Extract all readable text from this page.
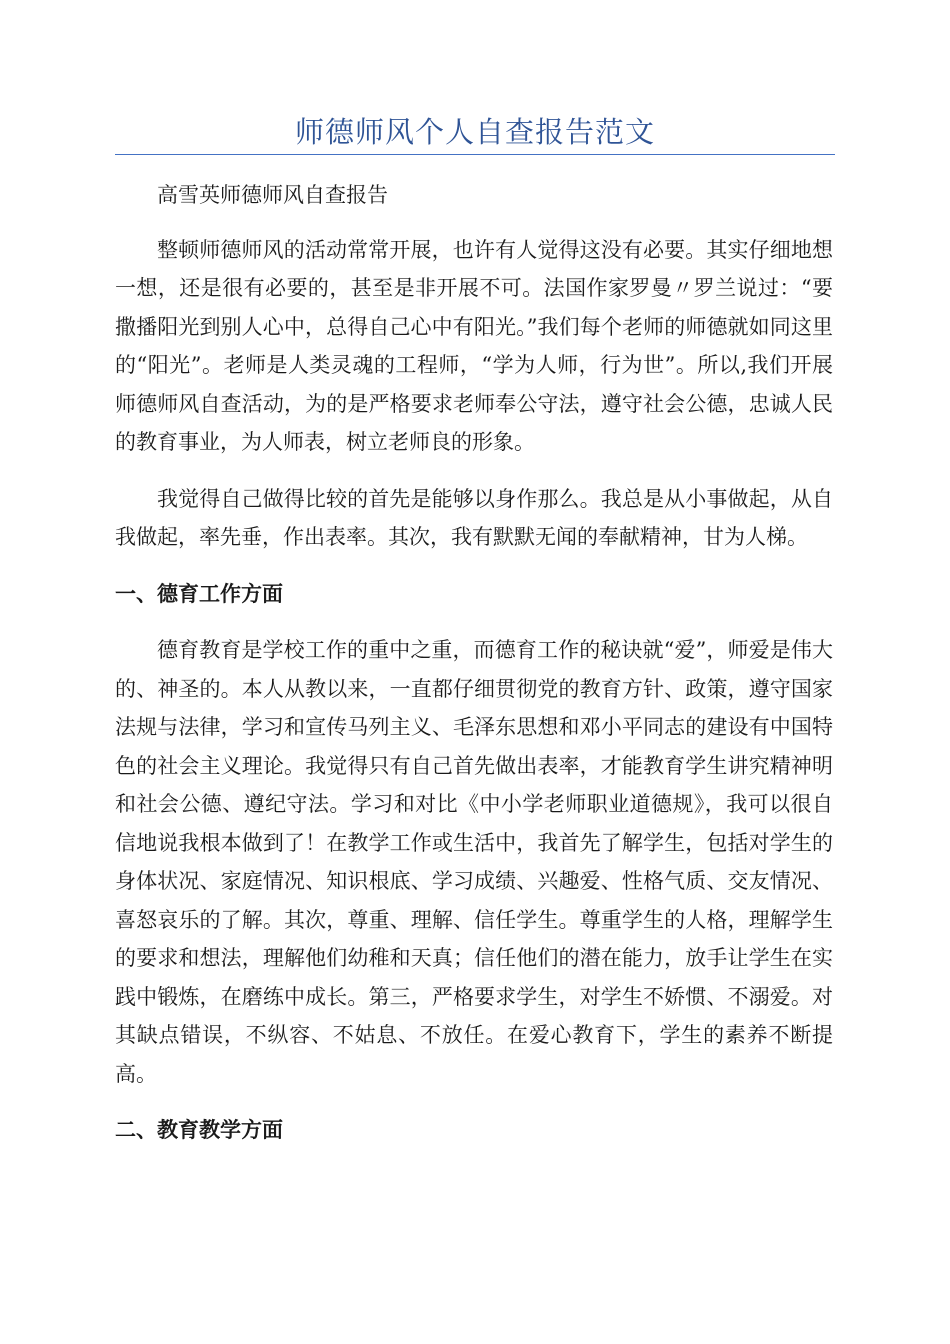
师德师风个人自查报告范文

高雪英师德师风自查报告

整顿师德师风的活动常常开展，也许有人觉得这没有必要。其实仔细地想一想，还是很有必要的，甚至是非开展不可。法国作家罗曼〃罗兰说过：“要撒播阳光到别人心中，总得自己心中有阳光。”我们每个老师的师德就如同这里的“阳光”。老师是人类灵魂的工程师，“学为人师，行为世”。所以,我们开展师德师风自查活动，为的是严格要求老师奉公守法，遵守社会公德，忠诚人民的教育事业，为人师表，树立老师良的形象。

我觉得自己做得比较的首先是能够以身作那么。我总是从小事做起，从自我做起，率先垂，作出表率。其次，我有默默无闻的奉献精神，甘为人梯。

一、德育工作方面

德育教育是学校工作的重中之重，而德育工作的秘诀就“爱”，师爱是伟大的、神圣的。本人从教以来，一直都仔细贯彻党的教育方针、政策，遵守国家法规与法律，学习和宣传马列主义、毛泽东思想和邓小平同志的建设有中国特色的社会主义理论。我觉得只有自己首先做出表率，才能教育学生讲究精神明和社会公德、遵纪守法。学习和对比《中小学老师职业道德规》，我可以很自信地说我根本做到了！在教学工作或生活中，我首先了解学生，包括对学生的身体状况、家庭情况、知识根底、学习成绩、兴趣爱、性格气质、交友情况、喜怒哀乐的了解。其次，尊重、理解、信任学生。尊重学生的人格，理解学生的要求和想法，理解他们幼稚和天真；信任他们的潜在能力，放手让学生在实践中锻炼，在磨练中成长。第三，严格要求学生，对学生不娇惯、不溺爱。对其缺点错误，不纵容、不姑息、不放任。在爱心教育下，学生的素养不断提高。

二、教育教学方面
